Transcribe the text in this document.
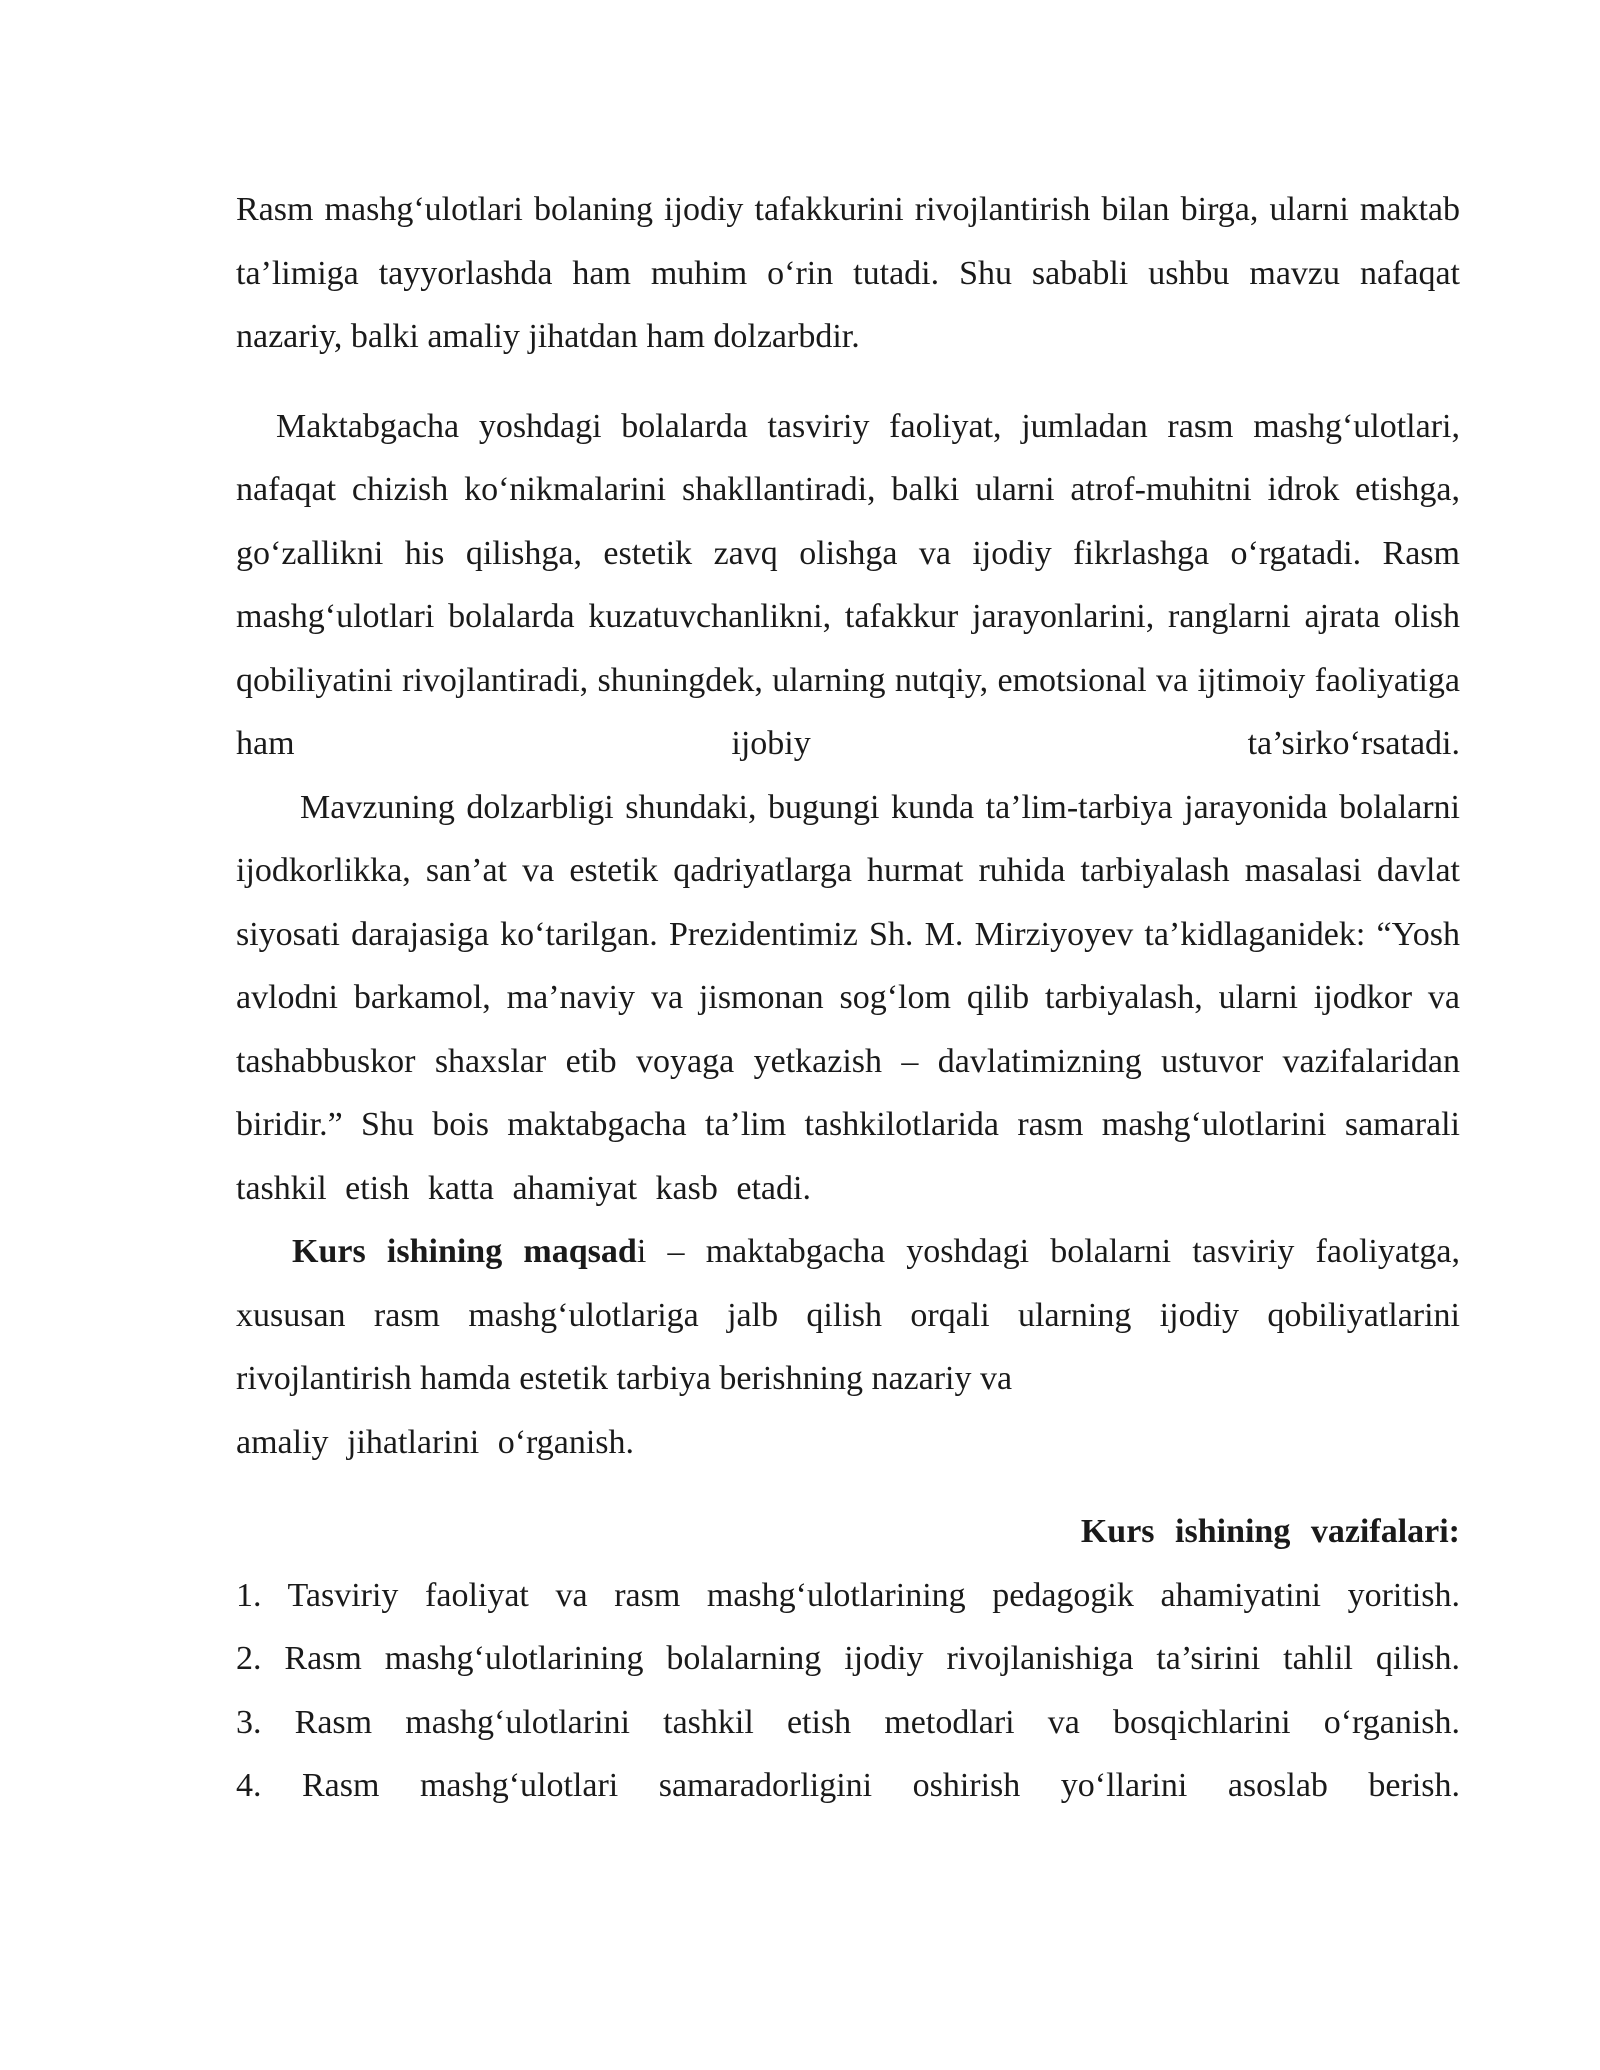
Rasm mashg‘ulotlari bolaning ijodiy tafakkurini rivojlantirish bilan birga, ularni maktab ta’limiga tayyorlashda ham muhim o‘rin tutadi. Shu sababli ushbu mavzu nafaqat nazariy, balki amaliy jihatdan ham dolzarbdir.

Maktabgacha yoshdagi bolalarda tasviriy faoliyat, jumladan rasm mashg‘ulotlari, nafaqat chizish ko‘nikmalarini shakllantiradi, balki ularni atrof-muhitni idrok etishga, go‘zallikni his qilishga, estetik zavq olishga va ijodiy fikrlashga o‘rgatadi. Rasm mashg‘ulotlari bolalarda kuzatuvchanlikni, tafakkur jarayonlarini, ranglarni ajrata olish qobiliyatini rivojlantiradi, shuningdek, ularning nutqiy, emotsional va ijtimoiy faoliyatiga ham ijobiy ta’sirko‘rsatadi.

Mavzuning dolzarbligi shundaki, bugungi kunda ta’lim-tarbiya jarayonida bolalarni ijodkorlikka, san’at va estetik qadriyatlarga hurmat ruhida tarbiyalash masalasi davlat siyosati darajasiga ko‘tarilgan. Prezidentimiz Sh. M. Mirziyoyev ta’kidlaganidek: “Yosh avlodni barkamol, ma’naviy va jismonan sog‘lom qilib tarbiyalash, ularni ijodkor va tashabbuskor shaxslar etib voyaga yetkazish – davlatimizning ustuvor vazifalaridan biridir.” Shu bois maktabgacha ta’lim tashkilotlarida rasm mashg‘ulotlarini samarali

tashkil etish katta ahamiyat kasb etadi.

Kurs ishining maqsadi – maktabgacha yoshdagi bolalarni tasviriy faoliyatga, xususan rasm mashg‘ulotlariga jalb qilish orqali ularning ijodiy qobiliyatlarini rivojlantirish hamda estetik tarbiya berishning nazariy va

amaliy jihatlarini o‘rganish.

Kurs ishining vazifalari:

1. Tasviriy faoliyat va rasm mashg‘ulotlarining pedagogik ahamiyatini yoritish.

2. Rasm mashg‘ulotlarining bolalarning ijodiy rivojlanishiga ta’sirini tahlil qilish.

3. Rasm mashg‘ulotlarini tashkil etish metodlari va bosqichlarini o‘rganish.

4. Rasm mashg‘ulotlari samaradorligini oshirish yo‘llarini asoslab berish.
